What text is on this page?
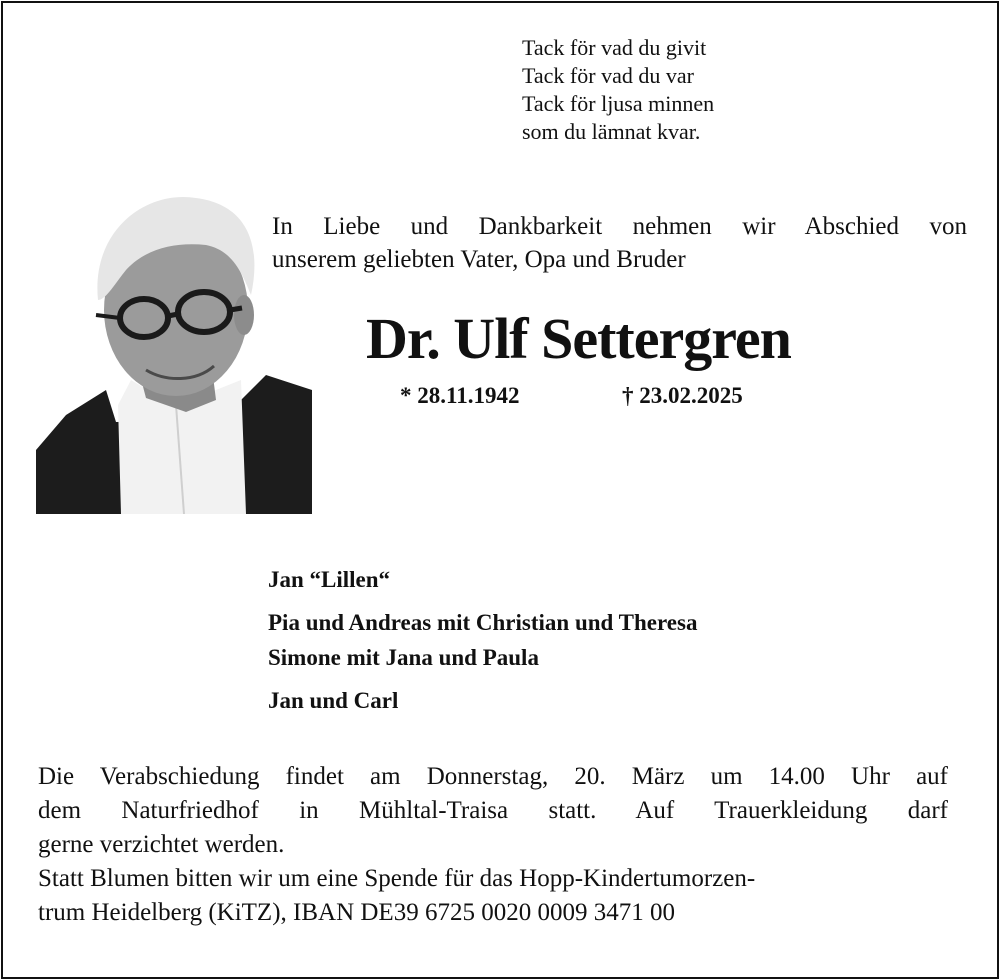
Tack för vad du givit
Tack för vad du var
Tack för ljusa minnen
som du lämnat kvar.
In Liebe und Dankbarkeit nehmen wir Abschied von
unserem geliebten Vater, Opa und Bruder
Dr. Ulf Settergren
* 28.11.1942	† 23.02.2025
Jan “Lillen“
Pia und Andreas mit Christian und Theresa
Simone mit Jana und Paula
Jan und Carl
Die Verabschiedung findet am Donnerstag, 20. März um 14.00 Uhr auf
dem Naturfriedhof in Mühltal-Traisa statt. Auf Trauerkleidung darf
gerne verzichtet werden.
Statt Blumen bitten wir um eine Spende für das Hopp-Kindertumorzen-
trum Heidelberg (KiTZ), IBAN DE39 6725 0020 0009 3471 00
